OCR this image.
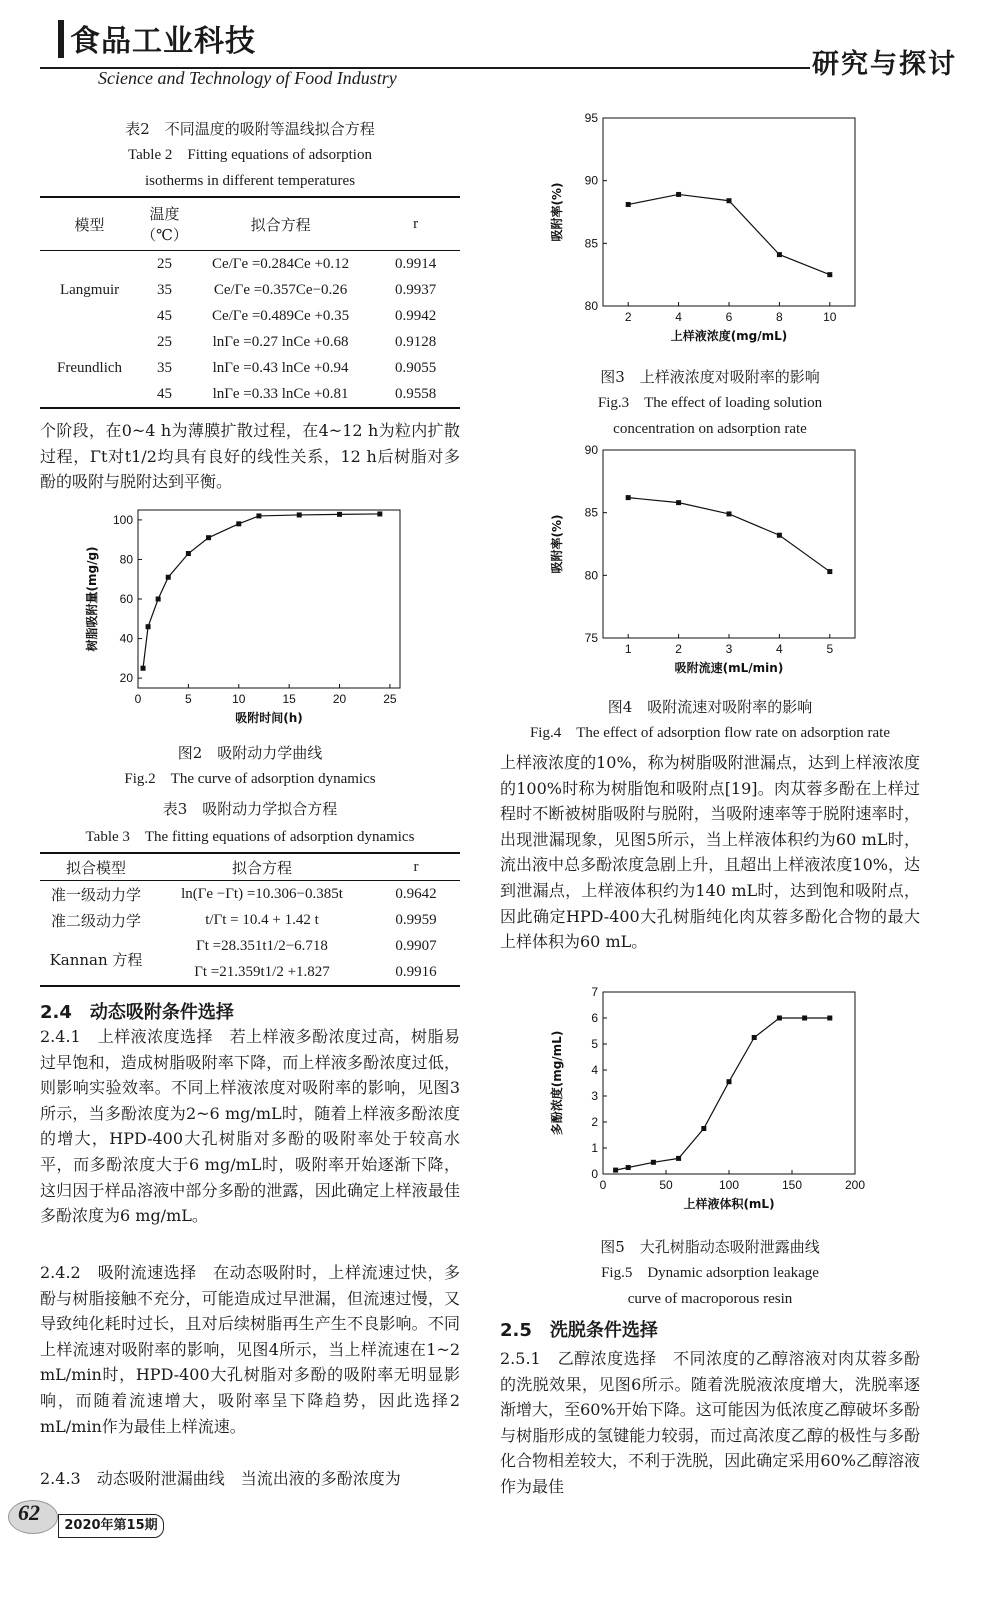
食品工业科技
Science and Technology of Food Industry	研究与探讨
表2　不同温度的吸附等温线拟合方程
Table 2　Fitting equations of adsorption
isotherms in different temperatures
模型	温度（℃）	拟合方程	r
Langmuir	25	Ce/Γe =0.284Ce +0.12	0.9914
	35	Ce/Γe =0.357Ce−0.26	0.9937
	45	Ce/Γe =0.489Ce +0.35	0.9942
Freundlich	25	lnΓe =0.27 lnCe +0.68	0.9128
	35	lnΓe =0.43 lnCe +0.94	0.9055
	45	lnΓe =0.33 lnCe +0.81	0.9558
个阶段，在0~4 h为薄膜扩散过程，在4~12 h为粒内扩散过程，Γt对t1/2均具有良好的线性关系，12 h后树脂对多酚的吸附与脱附达到平衡。
0	5	10	15	20	25
20
40
60
80
100
吸附时间(h)
树脂吸附量(mg/g)
图2　吸附动力学曲线
Fig.2　The curve of adsorption dynamics
表3　吸附动力学拟合方程
Table 3　The fitting equations of adsorption dynamics
拟合模型	拟合方程	r
准一级动力学	ln(Γe −Γt) =10.306−0.385t	0.9642
准二级动力学	t/Γt = 10.4 + 1.42 t	0.9959
Kannan 方程	Γt =28.351t1/2−6.718	0.9907
	Γt =21.359t1/2 +1.827	0.9916
2.4　动态吸附条件选择
2.4.1　上样液浓度选择　 若上样液多酚浓度过高，树脂易过早饱和，造成树脂吸附率下降，而上样液多酚浓度过低，则影响实验效率。不同上样液浓度对吸附率的影响，见图3所示，当多酚浓度为2~6 mg/mL时，随着上样液多酚浓度的增大，HPD-400大孔树脂对多酚的吸附率处于较高水平，而多酚浓度大于6 mg/mL时，吸附率开始逐渐下降，这归因于样品溶液中部分多酚的泄露，因此确定上样液最佳多酚浓度为6 mg/mL。
2.4.2　吸附流速选择　 在动态吸附时，上样流速过快，多酚与树脂接触不充分，可能造成过早泄漏，但流速过慢，又导致纯化耗时过长，且对后续树脂再生产生不良影响。不同上样流速对吸附率的影响，见图4所示，当上样流速在1~2 mL/min时，HPD-400大孔树脂对多酚的吸附率无明显影响，而随着流速增大，吸附率呈下降趋势，因此选择2 mL/min作为最佳上样流速。
2.4.3　动态吸附泄漏曲线　 当流出液的多酚浓度为
2	4	6	8	10
80
85
90
95
上样液浓度(mg/mL)
吸附率(%)
图3　上样液浓度对吸附率的影响
Fig.3　The effect of loading solution
concentration on adsorption rate
1	2	3	4	5
75
80
85
90
吸附流速(mL/min)
吸附率(%)
图4　吸附流速对吸附率的影响
Fig.4　The effect of adsorption flow rate on adsorption rate
上样液浓度的10%，称为树脂吸附泄漏点，达到上样液浓度的100%时称为树脂饱和吸附点[19]。肉苁蓉多酚在上样过程时不断被树脂吸附与脱附，当吸附速率等于脱附速率时，出现泄漏现象，见图5所示，当上样液体积约为60 mL时，流出液中总多酚浓度急剧上升，且超出上样液浓度10%，达到泄漏点，上样液体积约为140 mL时，达到饱和吸附点，因此确定HPD-400大孔树脂纯化肉苁蓉多酚化合物的最大上样体积为60 mL。
0	50	100	150	200
0
1
2
3
4
5
6
7
上样液体积(mL)
多酚浓度(mg/mL)
图5　大孔树脂动态吸附泄露曲线
Fig.5　Dynamic adsorption leakage
curve of macroporous resin
2.5　洗脱条件选择
2.5.1　乙醇浓度选择　 不同浓度的乙醇溶液对肉苁蓉多酚的洗脱效果，见图6所示。随着洗脱液浓度增大，洗脱率逐渐增大，至60%开始下降。这可能因为低浓度乙醇破坏多酚与树脂形成的氢键能力较弱，而过高浓度乙醇的极性与多酚化合物相差较大，不利于洗脱，因此确定采用60%乙醇溶液作为最佳
62
2020年第15期
